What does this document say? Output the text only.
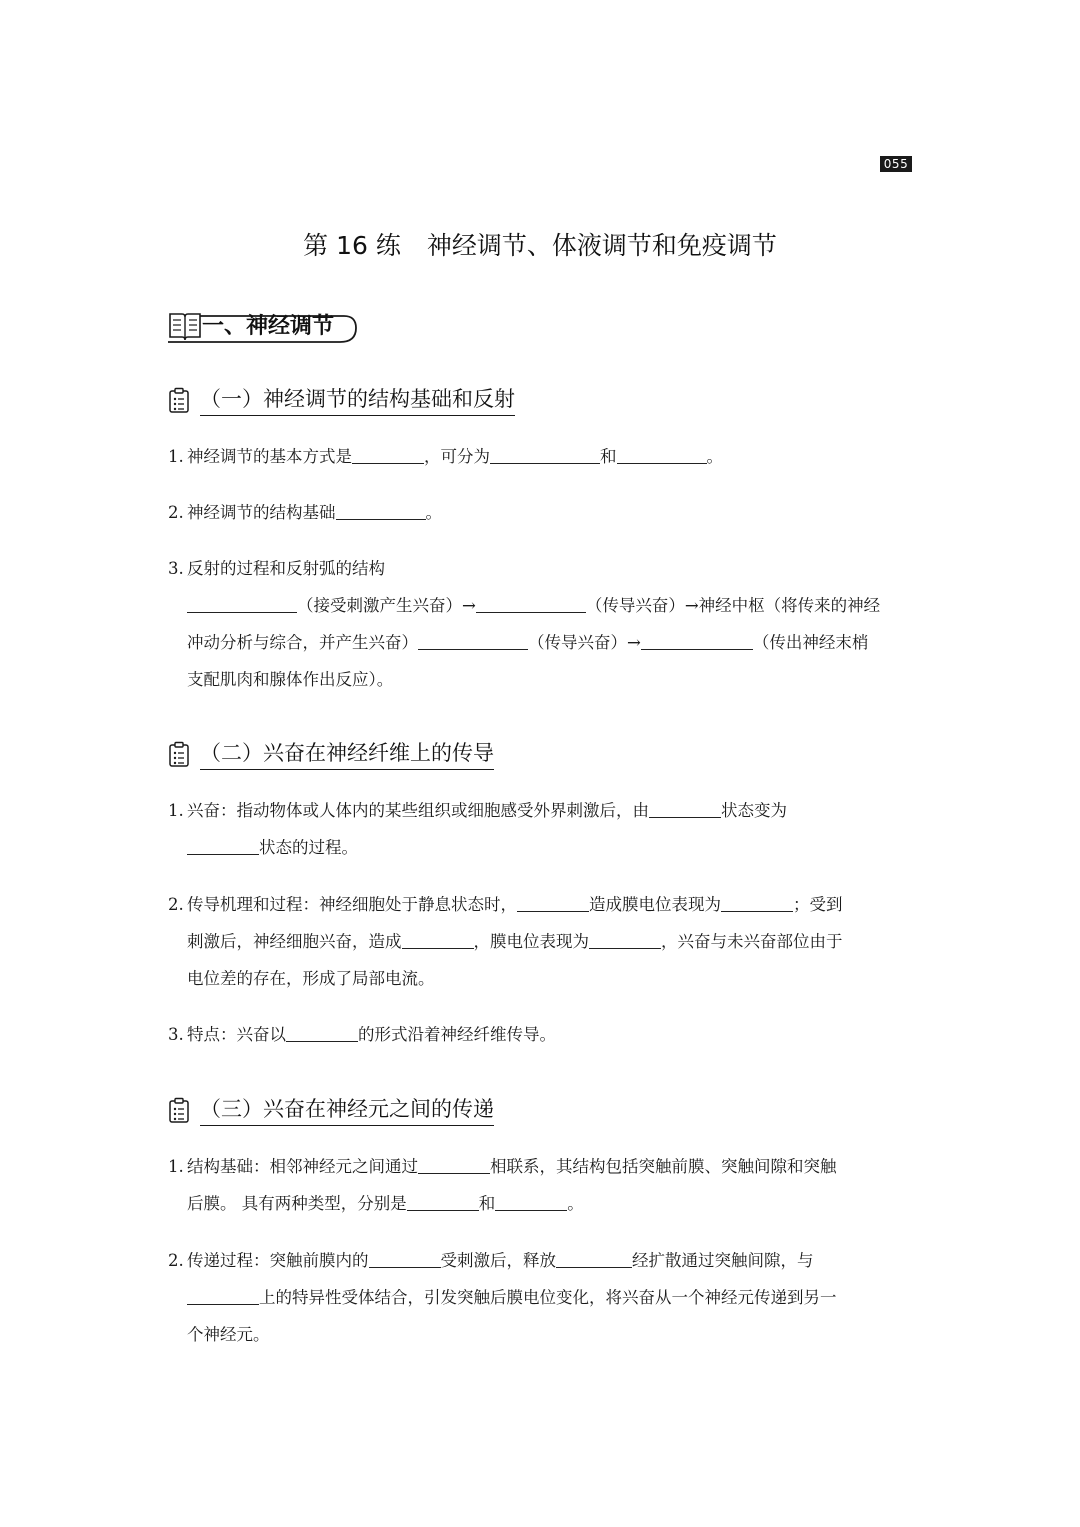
055
第 16 练 神经调节、体液调节和免疫调节
一、神经调节
（一）神经调节的结构基础和反射
1. 神经调节的基本方式是	，可分为	和	。
2. 神经调节的结构基础	。
3. 反射的过程和反射弧的结构
（接受刺激产生兴奋）→	（传导兴奋）→神经中枢（将传来的神经
冲动分析与综合，并产生兴奋）	（传导兴奋）→	（传出神经末梢
支配肌肉和腺体作出反应）。
（二）兴奋在神经纤维上的传导
1. 兴奋：指动物体或人体内的某些组织或细胞感受外界刺激后，由	状态变为
状态的过程。
2. 传导机理和过程：神经细胞处于静息状态时，	造成膜电位表现为	；受到
刺激后，神经细胞兴奋，造成	，膜电位表现为	，兴奋与未兴奋部位由于
电位差的存在，形成了局部电流。
3. 特点：兴奋以	的形式沿着神经纤维传导。
（三）兴奋在神经元之间的传递
1. 结构基础：相邻神经元之间通过	相联系，其结构包括突触前膜、突触间隙和突触
后膜。 具有两种类型，分别是	和	。
2. 传递过程：突触前膜内的	受刺激后，释放	经扩散通过突触间隙，与
上的特异性受体结合，引发突触后膜电位变化，将兴奋从一个神经元传递到另一
个神经元。
